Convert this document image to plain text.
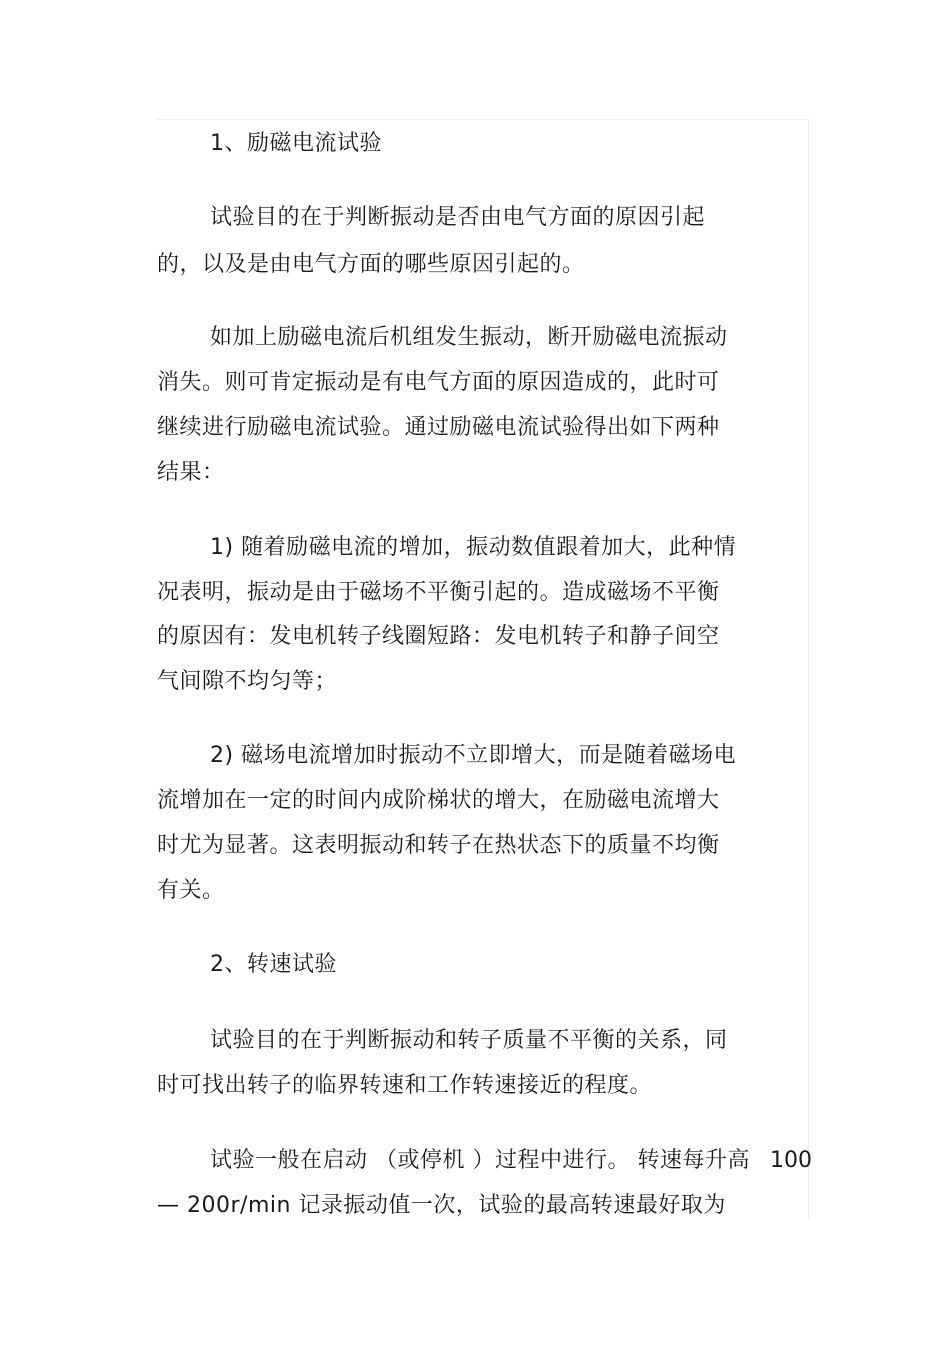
1、励磁电流试验
试验目的在于判断振动是否由电气方面的原因引起
的，以及是由电气方面的哪些原因引起的。
如加上励磁电流后机组发生振动，断开励磁电流振动
消失。则可肯定振动是有电气方面的原因造成的，此时可
继续进行励磁电流试验。通过励磁电流试验得出如下两种
结果：
1) 随着励磁电流的增加，振动数值跟着加大，此种情
况表明，振动是由于磁场不平衡引起的。造成磁场不平衡
的原因有：发电机转子线圈短路：发电机转子和静子间空
气间隙不均匀等；
2) 磁场电流增加时振动不立即增大，而是随着磁场电
流增加在一定的时间内成阶梯状的增大，在励磁电流增大
时尤为显著。这表明振动和转子在热状态下的质量不均衡
有关。
2、转速试验
试验目的在于判断振动和转子质量不平衡的关系，同
时可找出转子的临界转速和工作转速接近的程度。
试验一般在启动 （或停机 ）过程中进行。 转速每升高 100
— 200r/min 记录振动值一次，试验的最高转速最好取为
